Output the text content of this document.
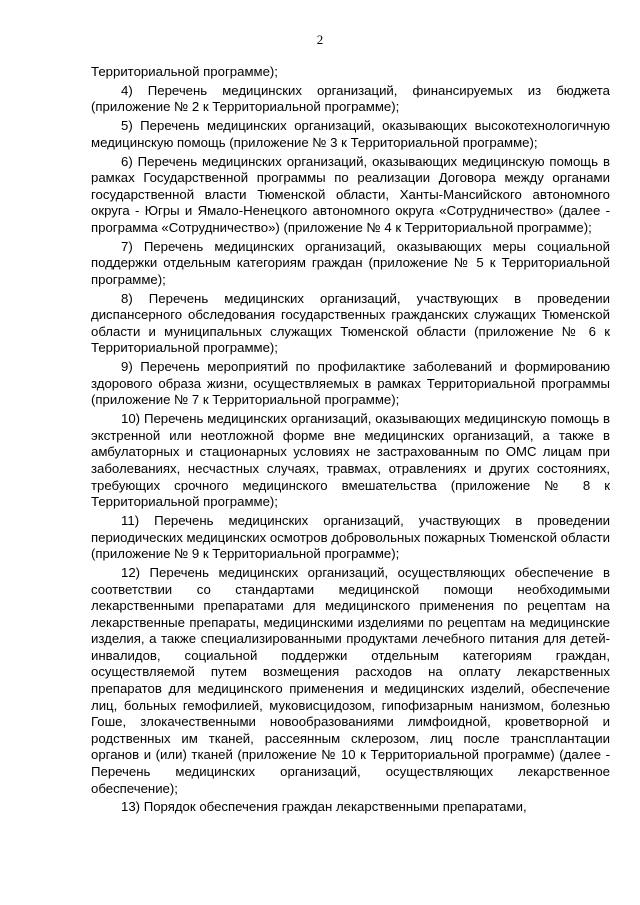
2

Территориальной программе);

4) Перечень медицинских организаций, финансируемых из бюджета (приложение № 2 к Территориальной программе);

5) Перечень медицинских организаций, оказывающих высокотехнологичную медицинскую помощь (приложение № 3 к Территориальной программе);

6) Перечень медицинских организаций, оказывающих медицинскую помощь в рамках Государственной программы по реализации Договора между органами государственной власти Тюменской области, Ханты-Мансийского автономного округа - Югры и Ямало-Ненецкого автономного округа «Сотрудничество» (далее - программа «Сотрудничество») (приложение № 4 к Территориальной программе);

7) Перечень медицинских организаций, оказывающих меры социальной поддержки отдельным категориям граждан (приложение № 5 к Территориальной программе);

8) Перечень медицинских организаций, участвующих в проведении диспансерного обследования государственных гражданских служащих Тюменской области и муниципальных служащих Тюменской области (приложение № 6 к Территориальной программе);

9) Перечень мероприятий по профилактике заболеваний и формированию здорового образа жизни, осуществляемых в рамках Территориальной программы (приложение № 7 к Территориальной программе);

10) Перечень медицинских организаций, оказывающих медицинскую помощь в экстренной или неотложной форме вне медицинских организаций, а также в амбулаторных и стационарных условиях не застрахованным по ОМС лицам при заболеваниях, несчастных случаях, травмах, отравлениях и других состояниях, требующих срочного медицинского вмешательства (приложение № 8 к Территориальной программе);

11) Перечень медицинских организаций, участвующих в проведении периодических медицинских осмотров добровольных пожарных Тюменской области (приложение № 9 к Территориальной программе);

12) Перечень медицинских организаций, осуществляющих обеспечение в соответствии со стандартами медицинской помощи необходимыми лекарственными препаратами для медицинского применения по рецептам на лекарственные препараты, медицинскими изделиями по рецептам на медицинские изделия, а также специализированными продуктами лечебного питания для детей-инвалидов, социальной поддержки отдельным категориям граждан, осуществляемой путем возмещения расходов на оплату лекарственных препаратов для медицинского применения и медицинских изделий, обеспечение лиц, больных гемофилией, муковисцидозом, гипофизарным нанизмом, болезнью Гоше, злокачественными новообразованиями лимфоидной, кроветворной и родственных им тканей, рассеянным склерозом, лиц после трансплантации органов и (или) тканей (приложение № 10 к Территориальной программе) (далее - Перечень медицинских организаций, осуществляющих лекарственное обеспечение);

13) Порядок обеспечения граждан лекарственными препаратами,
